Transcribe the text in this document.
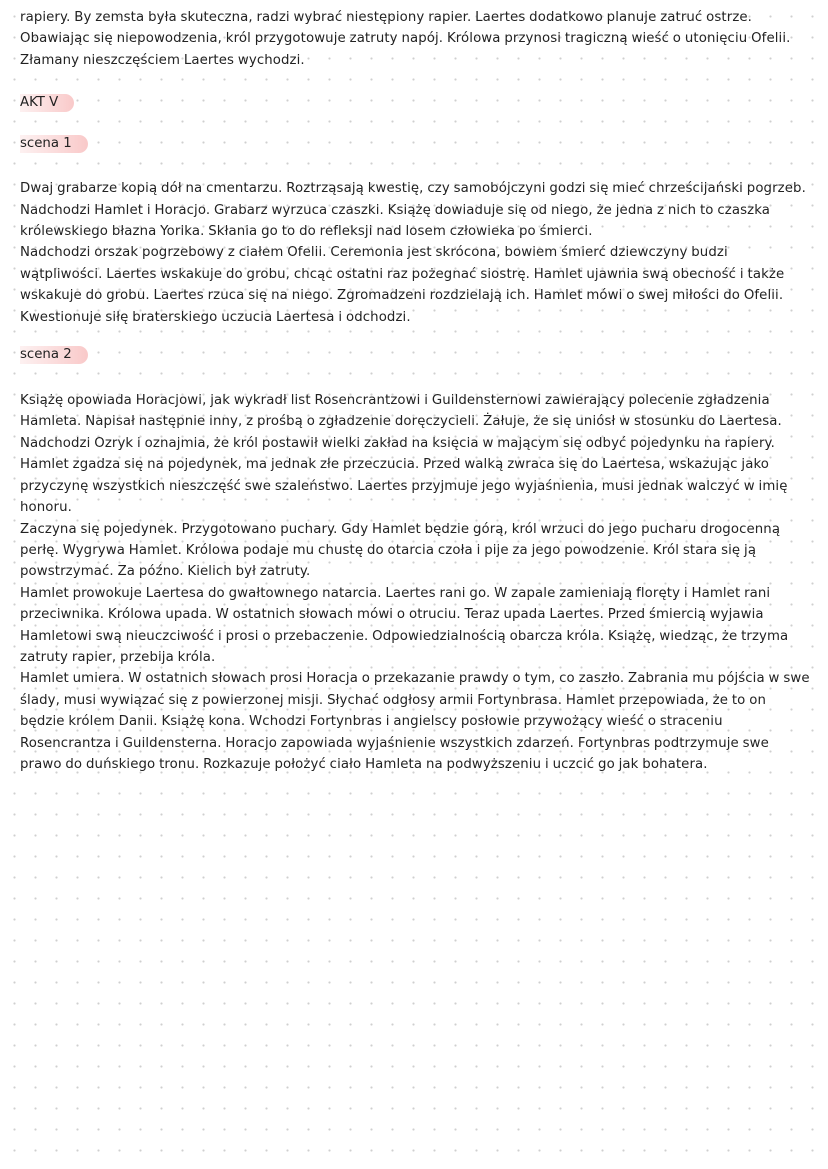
rapiery. By zemsta była skuteczna, radzi wybrać niestępiony rapier. Laertes dodatkowo planuje zatruć ostrze. Obawiając się niepowodzenia, król przygotowuje zatruty napój. Królowa przynosi tragiczną wieść o utonięciu Ofelii. Złamany nieszczęściem Laertes wychodzi.

AKT V
scena 1

Dwaj grabarze kopią dół na cmentarzu. Roztrząsają kwestię, czy samobójczyni godzi się mieć chrześcijański pogrzeb. Nadchodzi Hamlet i Horacjo. Grabarz wyrzuca czaszki. Książę dowiaduje się od niego, że jedna z nich to czaszka królewskiego błazna Yorika. Skłania go to do refleksji nad losem człowieka po śmierci.

Nadchodzi orszak pogrzebowy z ciałem Ofelii. Ceremonia jest skrócona, bowiem śmierć dziewczyny budzi wątpliwości. Laertes wskakuje do grobu, chcąc ostatni raz pożegnać siostrę. Hamlet ujawnia swą obecność i także wskakuje do grobu. Laertes rzuca się na niego. Zgromadzeni rozdzielają ich. Hamlet mówi o swej miłości do Ofelii. Kwestionuje siłę braterskiego uczucia Laertesa i odchodzi.

scena 2

Książę opowiada Horacjowi, jak wykradł list Rosencrantzowi i Guildensternowi zawierający polecenie zgładzenia Hamleta. Napisał następnie inny, z prośbą o zgładzenie doręczycieli. Żałuje, że się uniósł w stosunku do Laertesa. Nadchodzi Ozryk i oznajmia, że król postawił wielki zakład na księcia w mającym się odbyć pojedynku na rapiery. Hamlet zgadza się na pojedynek, ma jednak złe przeczucia. Przed walką zwraca się do Laertesa, wskazując jako przyczynę wszystkich nieszczęść swe szaleństwo. Laertes przyjmuje jego wyjaśnienia, musi jednak walczyć w imię honoru.

Zaczyna się pojedynek. Przygotowano puchary. Gdy Hamlet będzie górą, król wrzuci do jego pucharu drogocenną perłę. Wygrywa Hamlet. Królowa podaje mu chustę do otarcia czoła i pije za jego powodzenie. Król stara się ją powstrzymać. Za późno. Kielich był zatruty.

Hamlet prowokuje Laertesa do gwałtownego natarcia. Laertes rani go. W zapale zamieniają floręty i Hamlet rani przeciwnika. Królowa upada. W ostatnich słowach mówi o otruciu. Teraz upada Laertes. Przed śmiercią wyjawia Hamletowi swą nieuczciwość i prosi o przebaczenie. Odpowiedzialnością obarcza króla. Książę, wiedząc, że trzyma zatruty rapier, przebija króla.

Hamlet umiera. W ostatnich słowach prosi Horacja o przekazanie prawdy o tym, co zaszło. Zabrania mu pójścia w swe ślady, musi wywiązać się z powierzonej misji. Słychać odgłosy armii Fortynbrasa. Hamlet przepowiada, że to on będzie królem Danii. Książę kona. Wchodzi Fortynbras i angielscy posłowie przywożący wieść o straceniu Rosencrantza i Guildensterna. Horacjo zapowiada wyjaśnienie wszystkich zdarzeń. Fortynbras podtrzymuje swe prawo do duńskiego tronu. Rozkazuje położyć ciało Hamleta na podwyższeniu i uczcić go jak bohatera.
